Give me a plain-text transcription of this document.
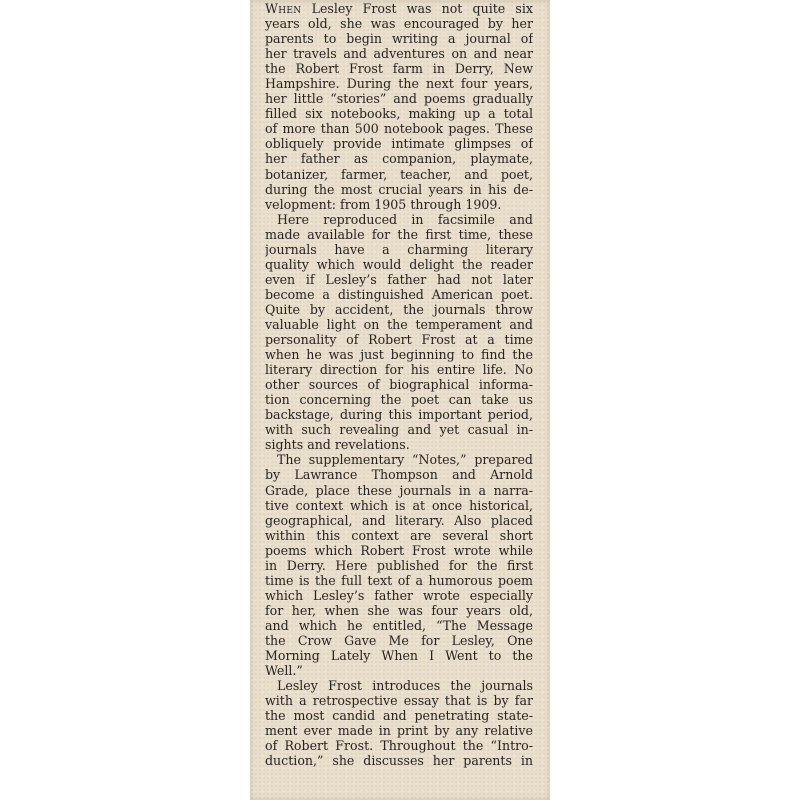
When Lesley Frost was not quite six
years old, she was encouraged by her
parents to begin writing a journal of
her travels and adventures on and near
the Robert Frost farm in Derry, New
Hampshire. During the next four years,
her little “stories” and poems gradually
filled six notebooks, making up a total
of more than 500 notebook pages. These
obliquely provide intimate glimpses of
her father as companion, playmate,
botanizer, farmer, teacher, and poet,
during the most crucial years in his de-
velopment: from 1905 through 1909.
Here reproduced in facsimile and
made available for the first time, these
journals have a charming literary
quality which would delight the reader
even if Lesley’s father had not later
become a distinguished American poet.
Quite by accident, the journals throw
valuable light on the temperament and
personality of Robert Frost at a time
when he was just beginning to find the
literary direction for his entire life. No
other sources of biographical informa-
tion concerning the poet can take us
backstage, during this important period,
with such revealing and yet casual in-
sights and revelations.
The supplementary “Notes,” prepared
by Lawrance Thompson and Arnold
Grade, place these journals in a narra-
tive context which is at once historical,
geographical, and literary. Also placed
within this context are several short
poems which Robert Frost wrote while
in Derry. Here published for the first
time is the full text of a humorous poem
which Lesley’s father wrote especially
for her, when she was four years old,
and which he entitled, “The Message
the Crow Gave Me for Lesley, One
Morning Lately When I Went to the
Well.”
Lesley Frost introduces the journals
with a retrospective essay that is by far
the most candid and penetrating state-
ment ever made in print by any relative
of Robert Frost. Throughout the “Intro-
duction,” she discusses her parents in
